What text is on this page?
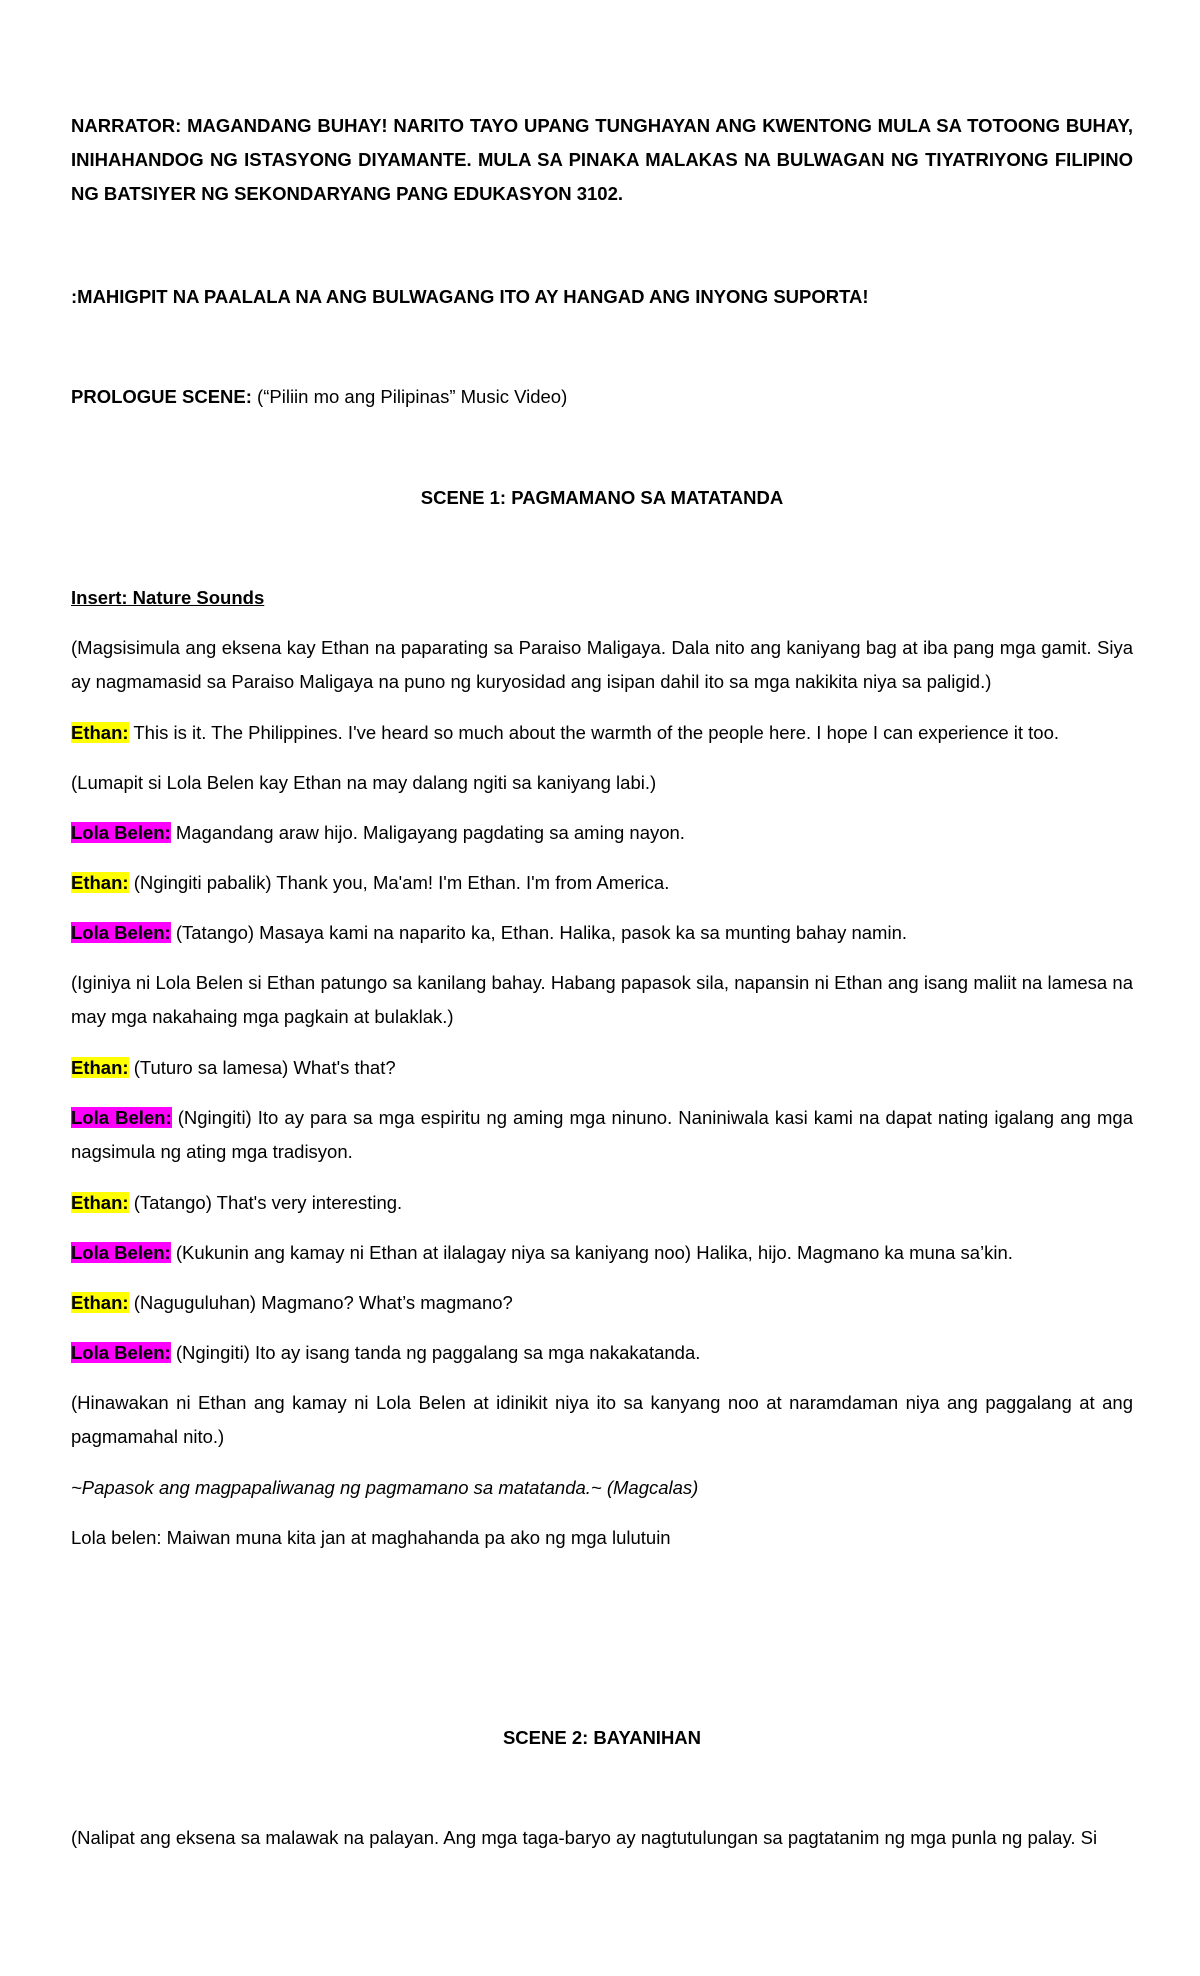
NARRATOR: MAGANDANG BUHAY! NARITO TAYO UPANG TUNGHAYAN ANG KWENTONG MULA SA TOTOONG BUHAY, INIHAHANDOG NG ISTASYONG DIYAMANTE. MULA SA PINAKA MALAKAS NA BULWAGAN NG TIYATRIYONG FILIPINO NG BATSIYER NG SEKONDARYANG PANG EDUKASYON 3102.

:MAHIGPIT NA PAALALA NA ANG BULWAGANG ITO AY HANGAD ANG INYONG SUPORTA!

PROLOGUE SCENE: (“Piliin mo ang Pilipinas” Music Video)

SCENE 1: PAGMAMANO SA MATATANDA

Insert: Nature Sounds

(Magsisimula ang eksena kay Ethan na paparating sa Paraiso Maligaya. Dala nito ang kaniyang bag at iba pang mga gamit. Siya ay nagmamasid sa Paraiso Maligaya na puno ng kuryosidad ang isipan dahil ito sa mga nakikita niya sa paligid.)

Ethan: This is it. The Philippines. I've heard so much about the warmth of the people here. I hope I can experience it too.

(Lumapit si Lola Belen kay Ethan na may dalang ngiti sa kaniyang labi.)

Lola Belen: Magandang araw hijo. Maligayang pagdating sa aming nayon.

Ethan: (Ngingiti pabalik) Thank you, Ma'am! I'm Ethan. I'm from America.

Lola Belen: (Tatango) Masaya kami na naparito ka, Ethan. Halika, pasok ka sa munting bahay namin.

(Iginiya ni Lola Belen si Ethan patungo sa kanilang bahay. Habang papasok sila, napansin ni Ethan ang isang maliit na lamesa na may mga nakahaing mga pagkain at bulaklak.)

Ethan: (Tuturo sa lamesa) What's that?

Lola Belen: (Ngingiti) Ito ay para sa mga espiritu ng aming mga ninuno. Naniniwala kasi kami na dapat nating igalang ang mga nagsimula ng ating mga tradisyon.

Ethan: (Tatango) That's very interesting.

Lola Belen: (Kukunin ang kamay ni Ethan at ilalagay niya sa kaniyang noo) Halika, hijo. Magmano ka muna sa’kin.

Ethan: (Naguguluhan) Magmano? What’s magmano?

Lola Belen: (Ngingiti) Ito ay isang tanda ng paggalang sa mga nakakatanda.

(Hinawakan ni Ethan ang kamay ni Lola Belen at idinikit niya ito sa kanyang noo at naramdaman niya ang paggalang at ang pagmamahal nito.)

~Papasok ang magpapaliwanag ng pagmamano sa matatanda.~ (Magcalas)

Lola belen: Maiwan muna kita jan at maghahanda pa ako ng mga lulutuin

SCENE 2: BAYANIHAN

(Nalipat ang eksena sa malawak na palayan. Ang mga taga-baryo ay nagtutulungan sa pagtatanim ng mga punla ng palay. Si
